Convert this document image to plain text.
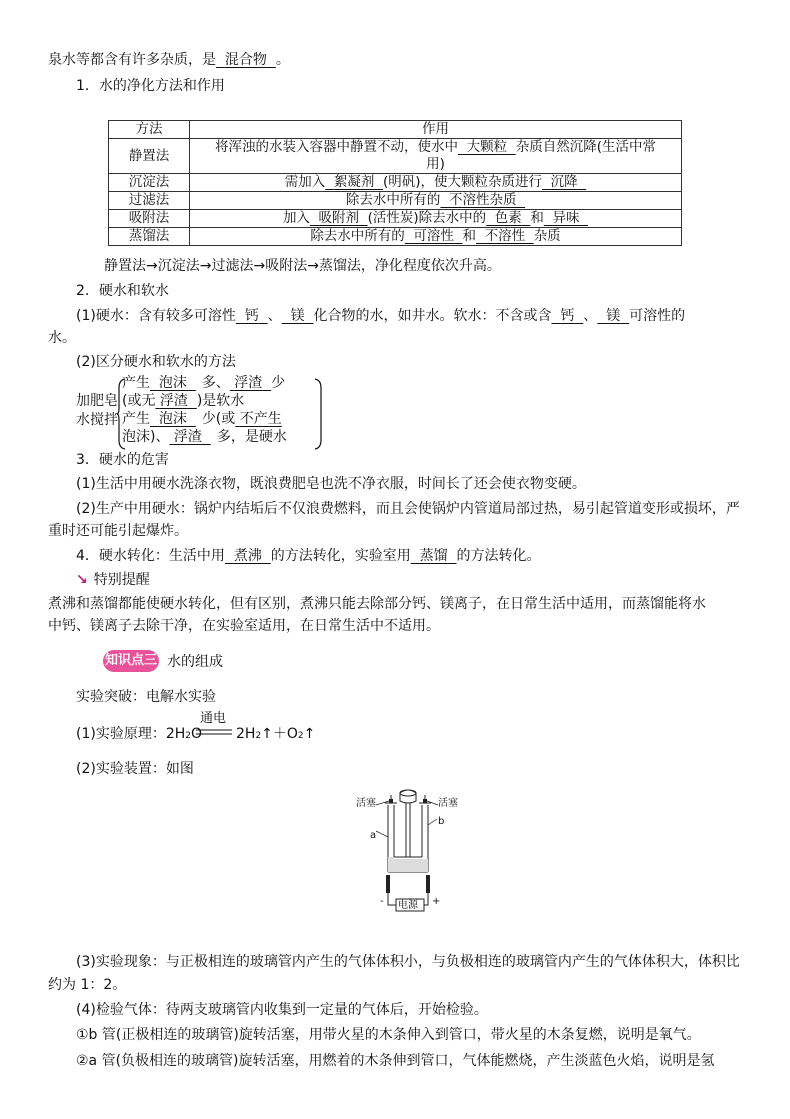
泉水等都含有许多杂质，是 混合物 。
1．水的净化方法和作用
方法	作用
静置法	将浑浊的水装入容器中静置不动，使水中 大颗粒 杂质自然沉降(生活中常
用)
沉淀法	需加入 絮凝剂 (明矾)，使大颗粒杂质进行 沉降
过滤法	除去水中所有的 不溶性杂质
吸附法	加入 吸附剂 (活性炭)除去水中的 色素 和 异味
蒸馏法	除去水中所有的 可溶性 和 不溶性 杂质
静置法→沉淀法→过滤法→吸附法→蒸馏法，净化程度依次升高。
2．硬水和软水
(1)硬水：含有较多可溶性 钙 、 镁 化合物的水，如井水。软水：不含或含 钙 、 镁 可溶性的
水。
(2)区分硬水和软水的方法
加肥皂
水搅拌
产生 泡沫 多、 浮渣 少
(或无 浮渣 )是软水
产生 泡沫 少(或 不产生
泡沫)、 浮渣 多，是硬水
3．硬水的危害
(1)生活中用硬水洗涤衣物，既浪费肥皂也洗不净衣服，时间长了还会使衣物变硬。
(2)生产中用硬水：锅炉内结垢后不仅浪费燃料，而且会使锅炉内管道局部过热，易引起管道变形或损坏，严
重时还可能引起爆炸。
4．硬水转化：生活中用 煮沸 的方法转化，实验室用 蒸馏 的方法转化。
↘ 特别提醒
煮沸和蒸馏都能使硬水转化，但有区别，煮沸只能去除部分钙、镁离子，在日常生活中适用，而蒸馏能将水
中钙、镁离子去除干净，在实验室适用，在日常生活中不适用。
知识点三 水的组成
实验突破：电解水实验
(1)实验原理：2H2O
通电
2H2↑＋O2↑
(2)实验装置：如图
活塞	活塞
a
b
电源
-	+
(3)实验现象：与正极相连的玻璃管内产生的气体体积小，与负极相连的玻璃管内产生的气体体积大，体积比
约为 1：2。
(4)检验气体：待两支玻璃管内收集到一定量的气体后，开始检验。
①b 管(正极相连的玻璃管)旋转活塞，用带火星的木条伸入到管口，带火星的木条复燃，说明是氧气。
②a 管(负极相连的玻璃管)旋转活塞，用燃着的木条伸到管口，气体能燃烧，产生淡蓝色火焰，说明是氢
